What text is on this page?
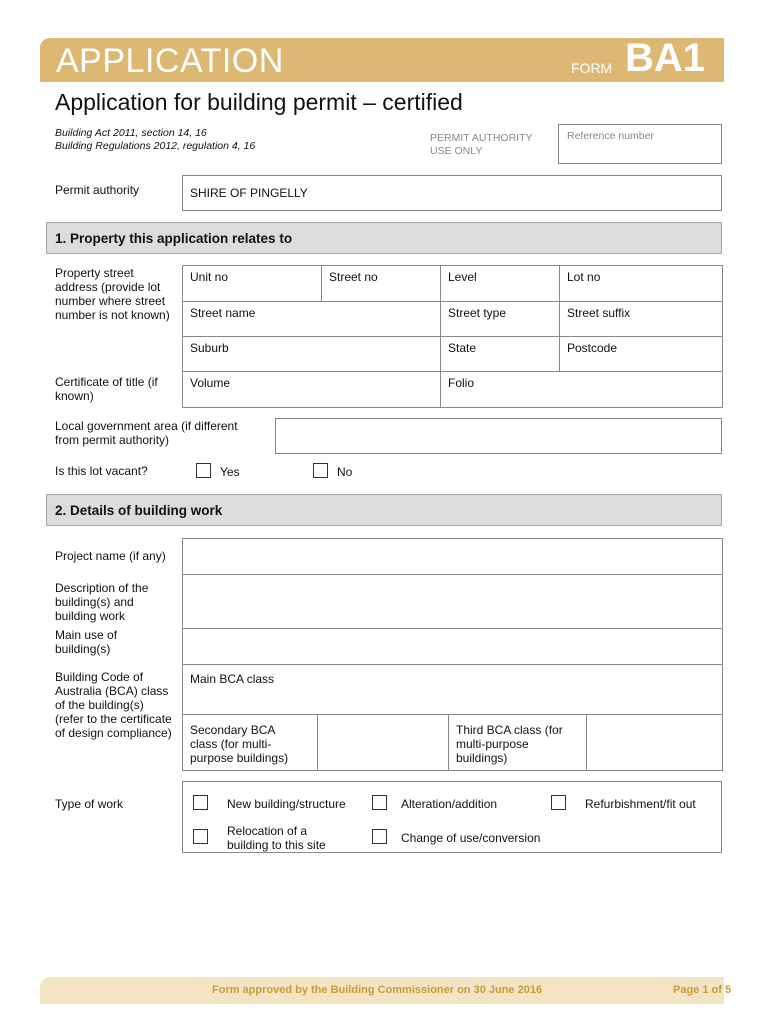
APPLICATION	FORM BA1
Application for building permit – certified
Building Act 2011, section 14, 16
Building Regulations 2012, regulation 4, 16
PERMIT AUTHORITY
USE ONLY
Reference number
Permit authority	SHIRE OF PINGELLY
1. Property this application relates to
Property street address (provide lot number where street number is not known)
Unit no	Street no	Level	Lot no
Street name	Street type	Street suffix
Suburb	State	Postcode
Volume	Folio
Certificate of title (if known)
Local government area (if different
from permit authority)
Is this lot vacant?	Yes	No
2. Details of building work
Project name (if any)
Description of the building(s) and building work
Main use of building(s)
Building Code of Australia (BCA) class of the building(s) (refer to the certificate of design compliance)
Main BCA class
Secondary BCA class (for multi-purpose buildings)
Third BCA class (for multi-purpose buildings)
Type of work	New building/structure	Alteration/addition	Refurbishment/fit out
Relocation of a building to this site	Change of use/conversion
Form approved by the Building Commissioner on 30 June 2016	Page 1 of 5
